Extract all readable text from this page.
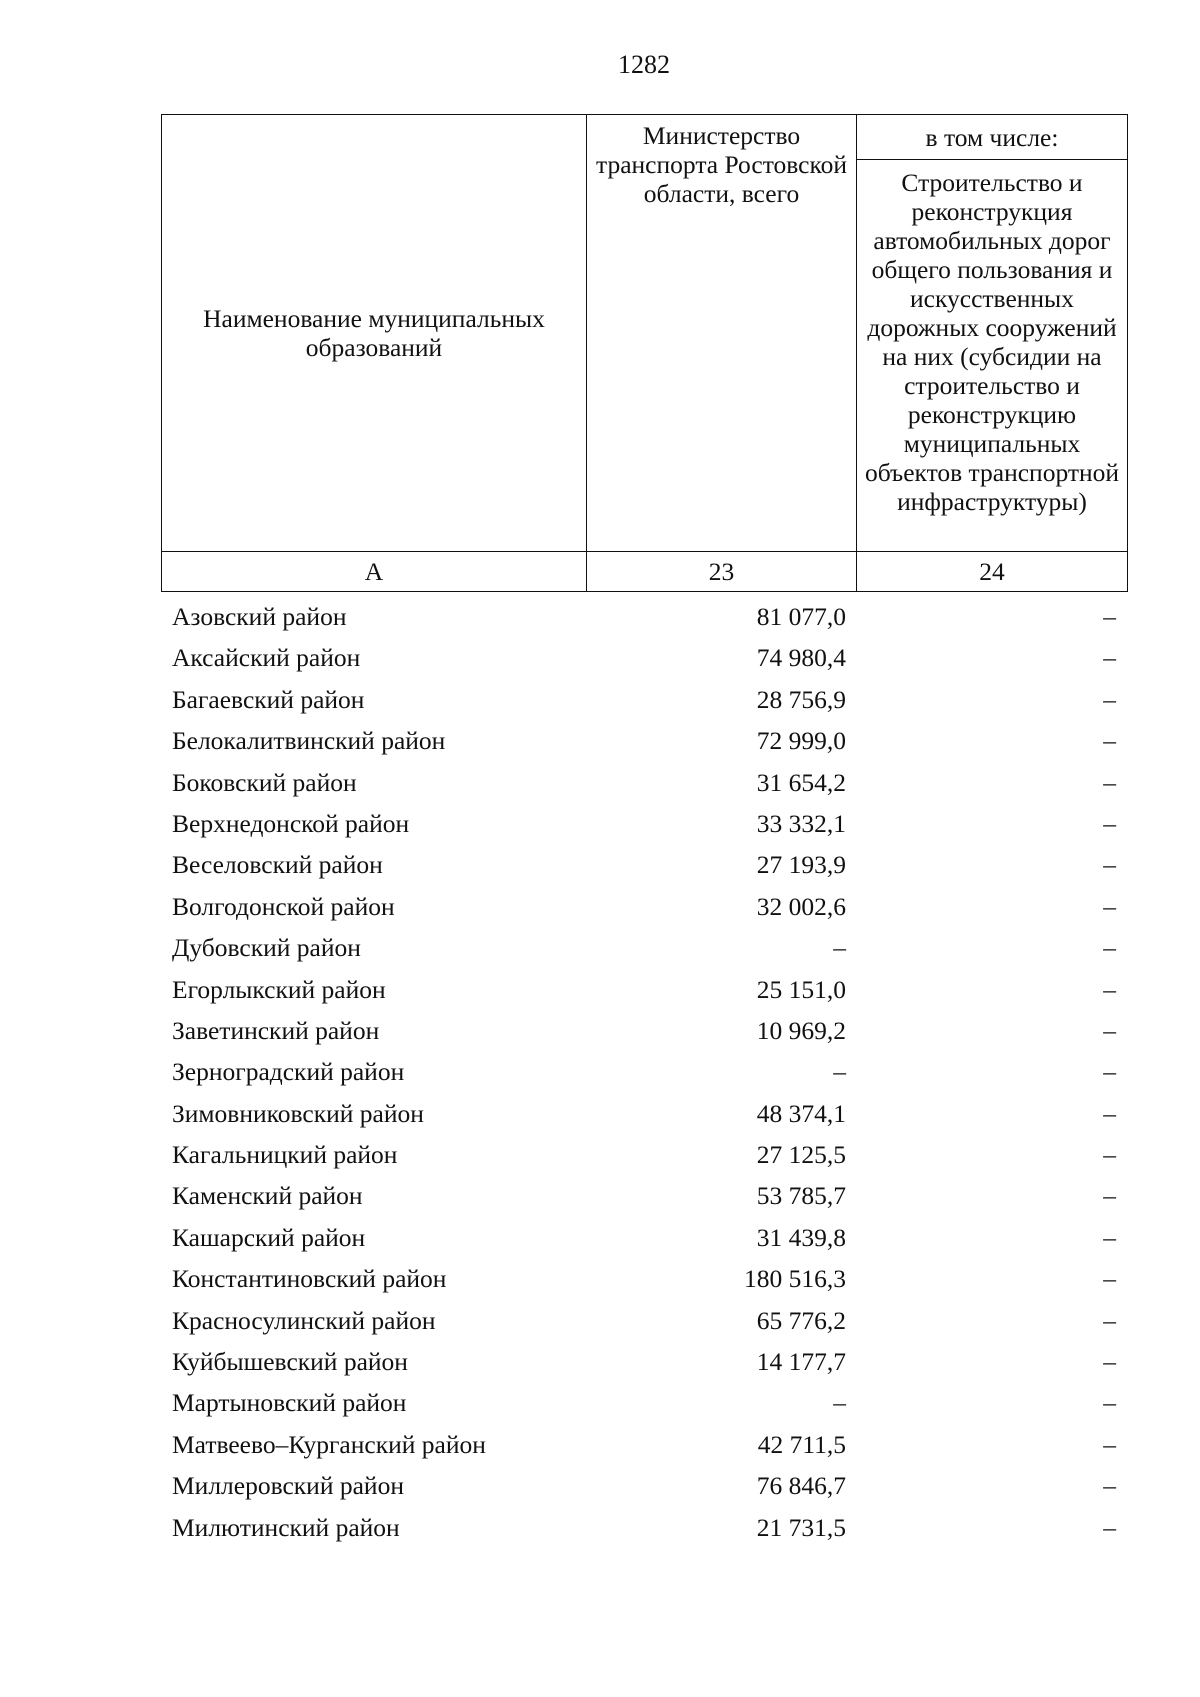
1282
Наименование муниципальных образований	Министерство транспорта Ростовской области, всего	в том числе:
		Строительство и реконструкция автомобильных дорог общего пользования и искусственных дорожных сооружений на них (субсидии на строительство и реконструкцию муниципальных объектов транспортной инфраструктуры)
А	23	24
Азовский район	81 077,0	–
Аксайский район	74 980,4	–
Багаевский район	28 756,9	–
Белокалитвинский район	72 999,0	–
Боковский район	31 654,2	–
Верхнедонской район	33 332,1	–
Веселовский район	27 193,9	–
Волгодонской район	32 002,6	–
Дубовский район	–	–
Егорлыкский район	25 151,0	–
Заветинский район	10 969,2	–
Зерноградский район	–	–
Зимовниковский район	48 374,1	–
Кагальницкий район	27 125,5	–
Каменский район	53 785,7	–
Кашарский район	31 439,8	–
Константиновский район	180 516,3	–
Красносулинский район	65 776,2	–
Куйбышевский район	14 177,7	–
Мартыновский район	–	–
Матвеево–Курганский район	42 711,5	–
Миллеровский район	76 846,7	–
Милютинский район	21 731,5	–
